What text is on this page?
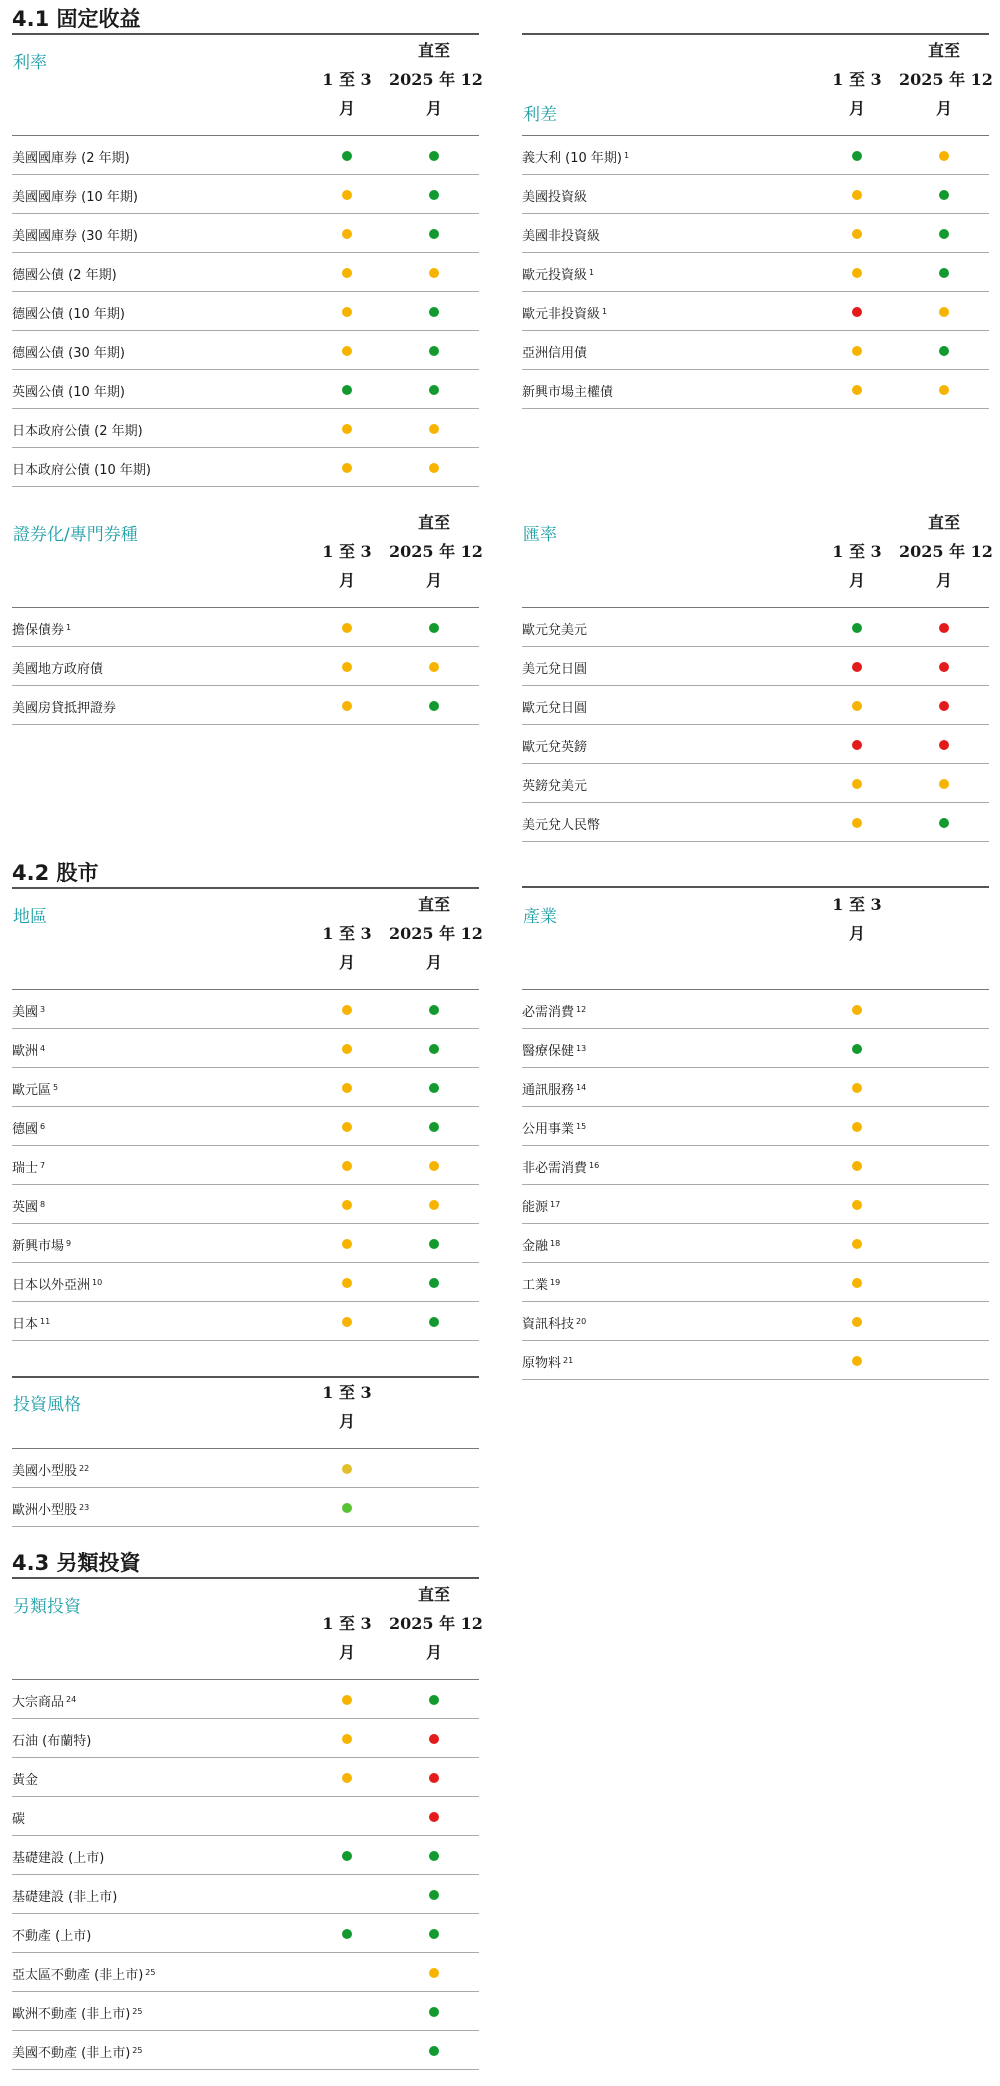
4.1 固定收益
4.2 股市
4.3 另類投資
利率
1 至 3
月
直至
2025 年 12
月
美國國庫券 (2 年期)
美國國庫券 (10 年期)
美國國庫券 (30 年期)
德國公債 (2 年期)
德國公債 (10 年期)
德國公債 (30 年期)
英國公債 (10 年期)
日本政府公債 (2 年期)
日本政府公債 (10 年期)
利差
1 至 3
月
直至
2025 年 12
月
義大利 (10 年期) $^1$
美國投資級
美國非投資級
歐元投資級 $^1$
歐元非投資級 $^1$
亞洲信用債
新興市場主權債
證券化/專門券種
1 至 3
月
直至
2025 年 12
月
擔保債券 $^1$
美國地方政府債
美國房貸抵押證券
匯率
1 至 3
月
直至
2025 年 12
月
歐元兌美元
美元兌日圓
歐元兌日圓
歐元兌英鎊
英鎊兌美元
美元兌人民幣
地區
1 至 3
月
直至
2025 年 12
月
美國 $^3$
歐洲 $^4$
歐元區 $^5$
德國 $^6$
瑞士 $^7$
英國 $^8$
新興市場 $^9$
日本以外亞洲 $^{10}$
日本 $^{11}$
產業
1 至 3
月
必需消費 $^{12}$
醫療保健 $^{13}$
通訊服務 $^{14}$
公用事業 $^{15}$
非必需消費 $^{16}$
能源 $^{17}$
金融 $^{18}$
工業 $^{19}$
資訊科技 $^{20}$
原物料 $^{21}$
投資風格
1 至 3
月
美國小型股 $^{22}$
歐洲小型股 $^{23}$
另類投資
1 至 3
月
直至
2025 年 12
月
大宗商品 $^{24}$
石油 (布蘭特)
黃金
碳
基礎建設 (上市)
基礎建設 (非上市)
不動產 (上市)
亞太區不動產 (非上市) $^{25}$
歐洲不動產 (非上市) $^{25}$
美國不動產 (非上市) $^{25}$
